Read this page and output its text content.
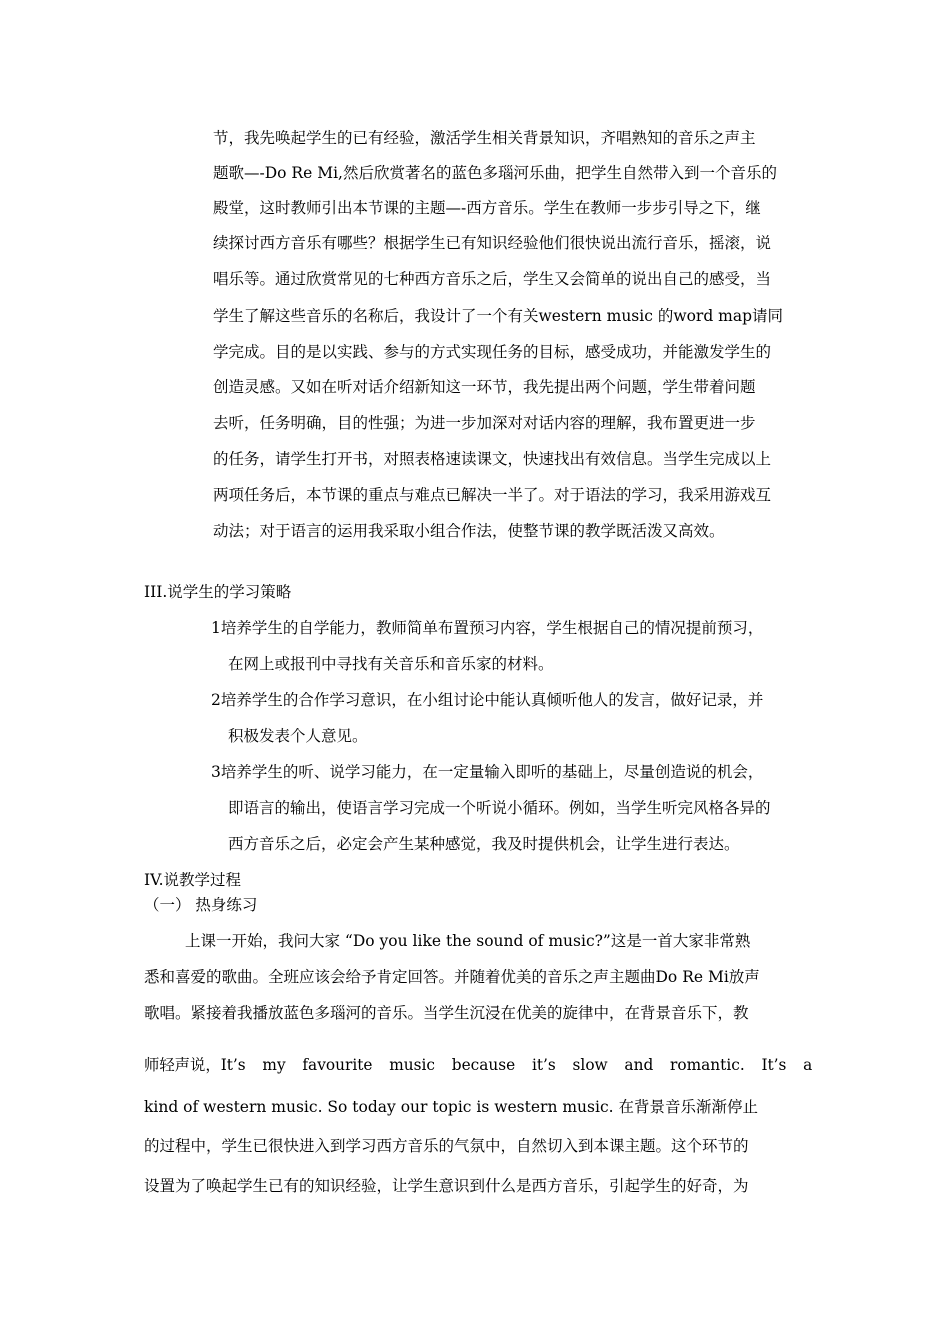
节，我先唤起学生的已有经验，激活学生相关背景知识，齐唱熟知的音乐之声主
题歌—-Do Re Mi,然后欣赏著名的蓝色多瑙河乐曲，把学生自然带入到一个音乐的
殿堂，这时教师引出本节课的主题—-西方音乐。学生在教师一步步引导之下，继
续探讨西方音乐有哪些？根据学生已有知识经验他们很快说出流行音乐，摇滚，说
唱乐等。通过欣赏常见的七种西方音乐之后，学生又会简单的说出自己的感受，当
学生了解这些音乐的名称后，我设计了一个有关western music 的word map请同
学完成。目的是以实践、参与的方式实现任务的目标，感受成功，并能激发学生的
创造灵感。又如在听对话介绍新知这一环节，我先提出两个问题，学生带着问题
去听，任务明确，目的性强；为进一步加深对对话内容的理解，我布置更进一步
的任务，请学生打开书，对照表格速读课文，快速找出有效信息。当学生完成以上
两项任务后，本节课的重点与难点已解决一半了。对于语法的学习，我采用游戏互
动法；对于语言的运用我采取小组合作法，使整节课的教学既活泼又高效。
III.说学生的学习策略
1培养学生的自学能力，教师简单布置预习内容，学生根据自己的情况提前预习，
在网上或报刊中寻找有关音乐和音乐家的材料。
2培养学生的合作学习意识，在小组讨论中能认真倾听他人的发言，做好记录，并
积极发表个人意见。
3培养学生的听、说学习能力，在一定量输入即听的基础上，尽量创造说的机会，
即语言的输出，使语言学习完成一个听说小循环。例如，当学生听完风格各异的
西方音乐之后，必定会产生某种感觉，我及时提供机会，让学生进行表达。
IV.说教学过程
（一） 热身练习
上课一开始，我问大家 “Do you like the sound of music?”这是一首大家非常熟
悉和喜爱的歌曲。全班应该会给予肯定回答。并随着优美的音乐之声主题曲Do Re Mi放声
歌唱。紧接着我播放蓝色多瑙河的音乐。当学生沉浸在优美的旋律中，在背景音乐下，教
师轻声说，It’s my favourite music because it’s slow and romantic. It’s a
kind of western music. So today our topic is western music. 在背景音乐渐渐停止
的过程中，学生已很快进入到学习西方音乐的气氛中，自然切入到本课主题。这个环节的
设置为了唤起学生已有的知识经验，让学生意识到什么是西方音乐，引起学生的好奇，为
